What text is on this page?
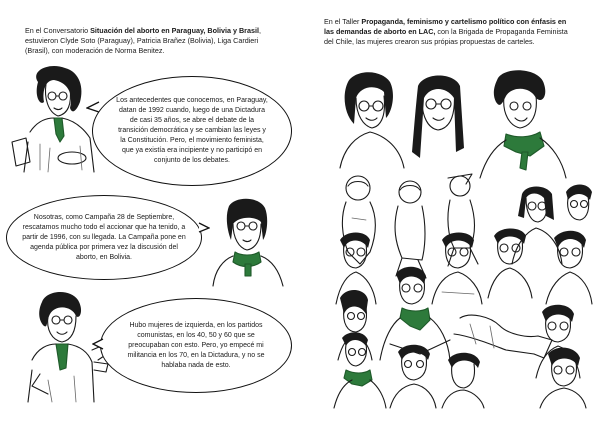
En el Conversatorio Situación del aborto en Paraguay, Bolivia y Brasil, estuvieron Clyde Soto (Paraguay), Patricia Brañez (Bolivia), Liga Cardieri (Brasil), con moderación de Norma Benitez.

Los antecedentes que conocemos, en Paraguay, datan de 1992 cuando, luego de una Dictadura de casi 35 años, se abre el debate de la transición democrática y se cambian las leyes y la Constitución. Pero, el movimiento feminista, que ya existía era incipiente y no participó en conjunto de los debates.

Nosotras, como Campaña 28 de Septiembre, rescatamos mucho todo el accionar que ha tenido, a partir de 1996, con su llegada. La Campaña pone en agenda pública por primera vez la discusión del aborto, en Bolivia.

Hubo mujeres de izquierda, en los partidos comunistas, en los 40, 50 y 60 que se preocupaban con esto. Pero, yo empecé mi militancia en los 70, en la Dictadura, y no se hablaba nada de esto.

En el Taller Propaganda, feminismo y cartelismo político con énfasis en las demandas de aborto en LAC, con la Brigada de Propaganda Feminista del Chile, las mujeres crearon sus própias propuestas de carteles.
